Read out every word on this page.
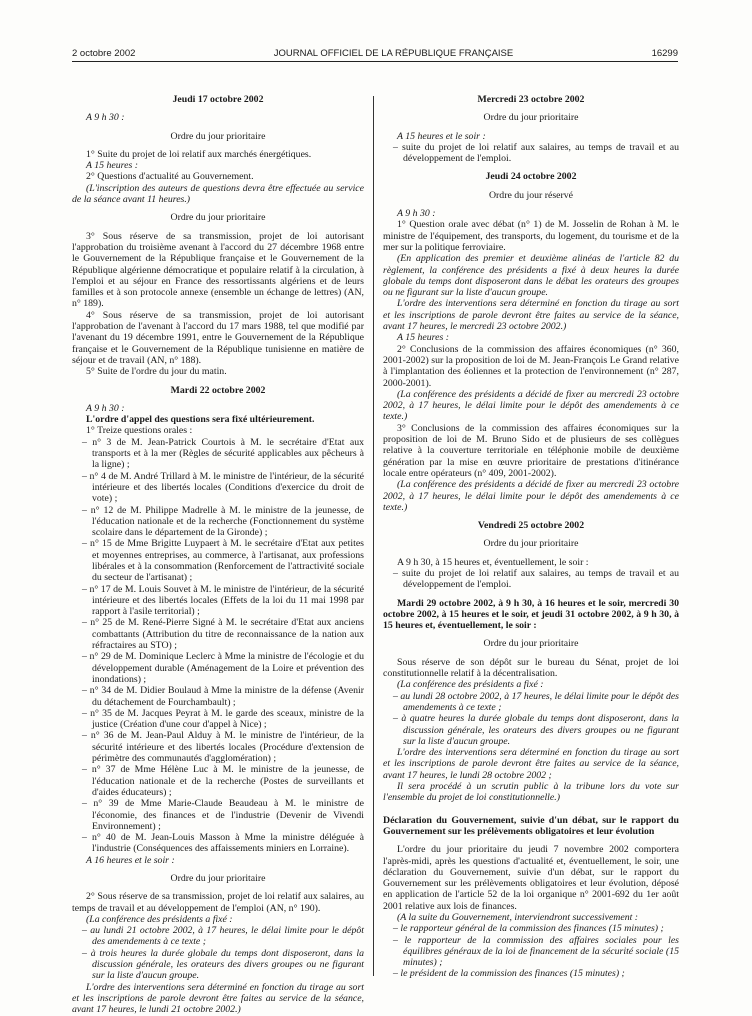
2 octobre 2002	JOURNAL OFFICIEL DE LA RÉPUBLIQUE FRANÇAISE	16299

Jeudi 17 octobre 2002

A 9 h 30 :

Ordre du jour prioritaire

1° Suite du projet de loi relatif aux marchés énergétiques.

A 15 heures :

2° Questions d'actualité au Gouvernement.

(L'inscription des auteurs de questions devra être effectuée au service de la séance avant 11 heures.)

Ordre du jour prioritaire

3° Sous réserve de sa transmission, projet de loi autorisant l'approbation du troisième avenant à l'accord du 27 décembre 1968 entre le Gouvernement de la République française et le Gouvernement de la République algérienne démocratique et populaire relatif à la circulation, à l'emploi et au séjour en France des ressortissants algériens et de leurs familles et à son protocole annexe (ensemble un échange de lettres) (AN, n° 189).

4° Sous réserve de sa transmission, projet de loi autorisant l'approbation de l'avenant à l'accord du 17 mars 1988, tel que modifié par l'avenant du 19 décembre 1991, entre le Gouvernement de la République française et le Gouvernement de la République tunisienne en matière de séjour et de travail (AN, n° 188).

5° Suite de l'ordre du jour du matin.

Mardi 22 octobre 2002

A 9 h 30 :

L'ordre d'appel des questions sera fixé ultérieurement.

1° Treize questions orales :

– n° 3 de M. Jean-Patrick Courtois à M. le secrétaire d'Etat aux transports et à la mer (Règles de sécurité applicables aux pêcheurs à la ligne) ;

– n° 4 de M. André Trillard à M. le ministre de l'intérieur, de la sécurité intérieure et des libertés locales (Conditions d'exercice du droit de vote) ;

– n° 12 de M. Philippe Madrelle à M. le ministre de la jeunesse, de l'éducation nationale et de la recherche (Fonctionnement du système scolaire dans le département de la Gironde) ;

– n° 15 de Mme Brigitte Luypaert à M. le secrétaire d'Etat aux petites et moyennes entreprises, au commerce, à l'artisanat, aux professions libérales et à la consommation (Renforcement de l'attractivité sociale du secteur de l'artisanat) ;

– n° 17 de M. Louis Souvet à M. le ministre de l'intérieur, de la sécurité intérieure et des libertés locales (Effets de la loi du 11 mai 1998 par rapport à l'asile territorial) ;

– n° 25 de M. René-Pierre Signé à M. le secrétaire d'Etat aux anciens combattants (Attribution du titre de reconnaissance de la nation aux réfractaires au STO) ;

– n° 29 de M. Dominique Leclerc à Mme la ministre de l'écologie et du développement durable (Aménagement de la Loire et prévention des inondations) ;

– n° 34 de M. Didier Boulaud à Mme la ministre de la défense (Avenir du détachement de Fourchambault) ;

– n° 35 de M. Jacques Peyrat à M. le garde des sceaux, ministre de la justice (Création d'une cour d'appel à Nice) ;

– n° 36 de M. Jean-Paul Alduy à M. le ministre de l'intérieur, de la sécurité intérieure et des libertés locales (Procédure d'extension de périmètre des communautés d'agglomération) ;

– n° 37 de Mme Hélène Luc à M. le ministre de la jeunesse, de l'éducation nationale et de la recherche (Postes de surveillants et d'aides éducateurs) ;

– n° 39 de Mme Marie-Claude Beaudeau à M. le ministre de l'économie, des finances et de l'industrie (Devenir de Vivendi Environnement) ;

– n° 40 de M. Jean-Louis Masson à Mme la ministre déléguée à l'industrie (Conséquences des affaissements miniers en Lorraine).

A 16 heures et le soir :

Ordre du jour prioritaire

2° Sous réserve de sa transmission, projet de loi relatif aux salaires, au temps de travail et au développement de l'emploi (AN, n° 190).

(La conférence des présidents a fixé :

– au lundi 21 octobre 2002, à 17 heures, le délai limite pour le dépôt des amendements à ce texte ;

– à trois heures la durée globale du temps dont disposeront, dans la discussion générale, les orateurs des divers groupes ou ne figurant sur la liste d'aucun groupe.

L'ordre des interventions sera déterminé en fonction du tirage au sort et les inscriptions de parole devront être faites au service de la séance, avant 17 heures, le lundi 21 octobre 2002.)

Mercredi 23 octobre 2002

Ordre du jour prioritaire

A 15 heures et le soir :

– suite du projet de loi relatif aux salaires, au temps de travail et au développement de l'emploi.

Jeudi 24 octobre 2002

Ordre du jour réservé

A 9 h 30 :

1° Question orale avec débat (n° 1) de M. Josselin de Rohan à M. le ministre de l'équipement, des transports, du logement, du tourisme et de la mer sur la politique ferroviaire.

(En application des premier et deuxième alinéas de l'article 82 du règlement, la conférence des présidents a fixé à deux heures la durée globale du temps dont disposeront dans le débat les orateurs des groupes ou ne figurant sur la liste d'aucun groupe.

L'ordre des interventions sera déterminé en fonction du tirage au sort et les inscriptions de parole devront être faites au service de la séance, avant 17 heures, le mercredi 23 octobre 2002.)

A 15 heures :

2° Conclusions de la commission des affaires économiques (n° 360, 2001-2002) sur la proposition de loi de M. Jean-François Le Grand relative à l'implantation des éoliennes et la protection de l'environnement (n° 287, 2000-2001).

(La conférence des présidents a décidé de fixer au mercredi 23 octobre 2002, à 17 heures, le délai limite pour le dépôt des amendements à ce texte.)

3° Conclusions de la commission des affaires économiques sur la proposition de loi de M. Bruno Sido et de plusieurs de ses collègues relative à la couverture territoriale en téléphonie mobile de deuxième génération par la mise en œuvre prioritaire de prestations d'itinérance locale entre opérateurs (n° 409, 2001-2002).

(La conférence des présidents a décidé de fixer au mercredi 23 octobre 2002, à 17 heures, le délai limite pour le dépôt des amendements à ce texte.)

Vendredi 25 octobre 2002

Ordre du jour prioritaire

A 9 h 30, à 15 heures et, éventuellement, le soir :

– suite du projet de loi relatif aux salaires, au temps de travail et au développement de l'emploi.

Mardi 29 octobre 2002, à 9 h 30, à 16 heures et le soir, mercredi 30 octobre 2002, à 15 heures et le soir, et jeudi 31 octobre 2002, à 9 h 30, à 15 heures et, éventuellement, le soir :

Ordre du jour prioritaire

Sous réserve de son dépôt sur le bureau du Sénat, projet de loi constitutionnelle relatif à la décentralisation.

(La conférence des présidents a fixé :

– au lundi 28 octobre 2002, à 17 heures, le délai limite pour le dépôt des amendements à ce texte ;

– à quatre heures la durée globale du temps dont disposeront, dans la discussion générale, les orateurs des divers groupes ou ne figurant sur la liste d'aucun groupe.

L'ordre des interventions sera déterminé en fonction du tirage au sort et les inscriptions de parole devront être faites au service de la séance, avant 17 heures, le lundi 28 octobre 2002 ;

Il sera procédé à un scrutin public à la tribune lors du vote sur l'ensemble du projet de loi constitutionnelle.)

Déclaration du Gouvernement, suivie d'un débat, sur le rapport du Gouvernement sur les prélèvements obligatoires et leur évolution

L'ordre du jour prioritaire du jeudi 7 novembre 2002 comportera l'après-midi, après les questions d'actualité et, éventuellement, le soir, une déclaration du Gouvernement, suivie d'un débat, sur le rapport du Gouvernement sur les prélèvements obligatoires et leur évolution, déposé en application de l'article 52 de la loi organique n° 2001-692 du 1er août 2001 relative aux lois de finances.

(A la suite du Gouvernement, interviendront successivement :

– le rapporteur général de la commission des finances (15 minutes) ;

– le rapporteur de la commission des affaires sociales pour les équilibres généraux de la loi de financement de la sécurité sociale (15 minutes) ;

– le président de la commission des finances (15 minutes) ;
